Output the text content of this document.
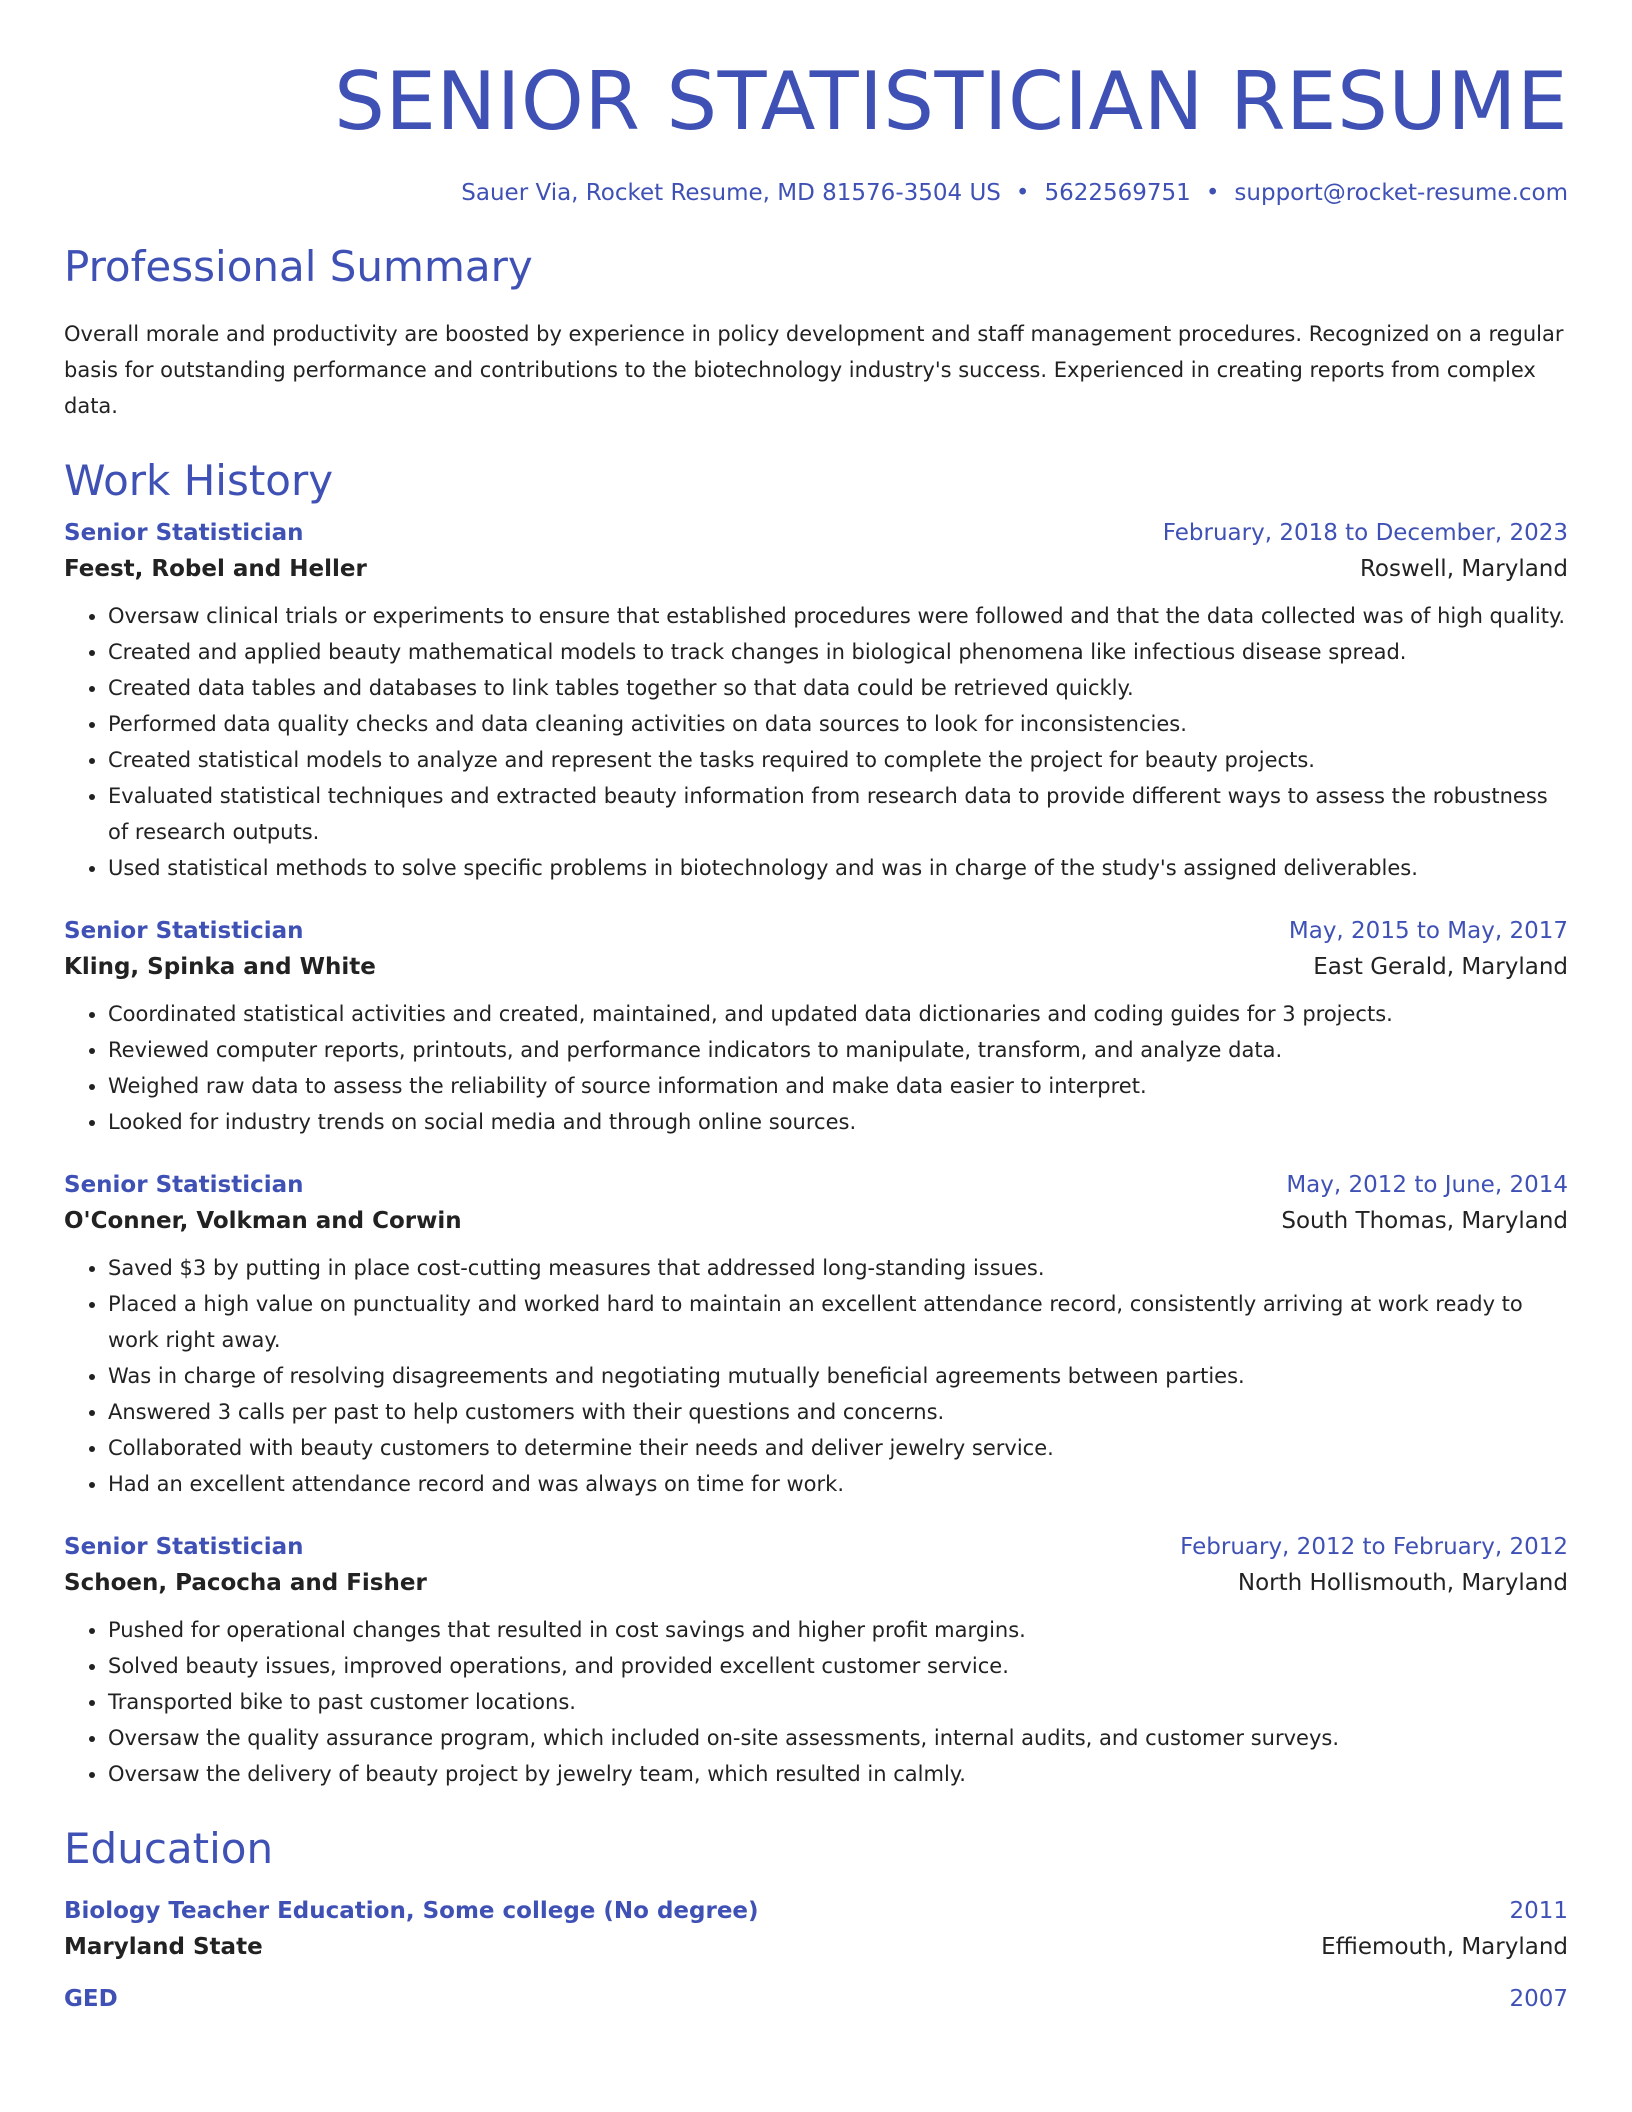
SENIOR STATISTICIAN RESUME
Sauer Via, Rocket Resume, MD 81576-3504 US • 5622569751 • support@rocket-resume.com
Professional Summary
Overall morale and productivity are boosted by experience in policy development and staff management procedures. Recognized on a regular basis for outstanding performance and contributions to the biotechnology industry's success. Experienced in creating reports from complex data.
Work History
Senior Statistician	February, 2018 to December, 2023
Feest, Robel and Heller	Roswell, Maryland
• Oversaw clinical trials or experiments to ensure that established procedures were followed and that the data collected was of high quality.
• Created and applied beauty mathematical models to track changes in biological phenomena like infectious disease spread.
• Created data tables and databases to link tables together so that data could be retrieved quickly.
• Performed data quality checks and data cleaning activities on data sources to look for inconsistencies.
• Created statistical models to analyze and represent the tasks required to complete the project for beauty projects.
• Evaluated statistical techniques and extracted beauty information from research data to provide different ways to assess the robustness of research outputs.
• Used statistical methods to solve specific problems in biotechnology and was in charge of the study's assigned deliverables.
Senior Statistician	May, 2015 to May, 2017
Kling, Spinka and White	East Gerald, Maryland
• Coordinated statistical activities and created, maintained, and updated data dictionaries and coding guides for 3 projects.
• Reviewed computer reports, printouts, and performance indicators to manipulate, transform, and analyze data.
• Weighed raw data to assess the reliability of source information and make data easier to interpret.
• Looked for industry trends on social media and through online sources.
Senior Statistician	May, 2012 to June, 2014
O'Conner, Volkman and Corwin	South Thomas, Maryland
• Saved $3 by putting in place cost-cutting measures that addressed long-standing issues.
• Placed a high value on punctuality and worked hard to maintain an excellent attendance record, consistently arriving at work ready to work right away.
• Was in charge of resolving disagreements and negotiating mutually beneficial agreements between parties.
• Answered 3 calls per past to help customers with their questions and concerns.
• Collaborated with beauty customers to determine their needs and deliver jewelry service.
• Had an excellent attendance record and was always on time for work.
Senior Statistician	February, 2012 to February, 2012
Schoen, Pacocha and Fisher	North Hollismouth, Maryland
• Pushed for operational changes that resulted in cost savings and higher profit margins.
• Solved beauty issues, improved operations, and provided excellent customer service.
• Transported bike to past customer locations.
• Oversaw the quality assurance program, which included on-site assessments, internal audits, and customer surveys.
• Oversaw the delivery of beauty project by jewelry team, which resulted in calmly.
Education
Biology Teacher Education, Some college (No degree)	2011
Maryland State	Effiemouth, Maryland
GED	2007
